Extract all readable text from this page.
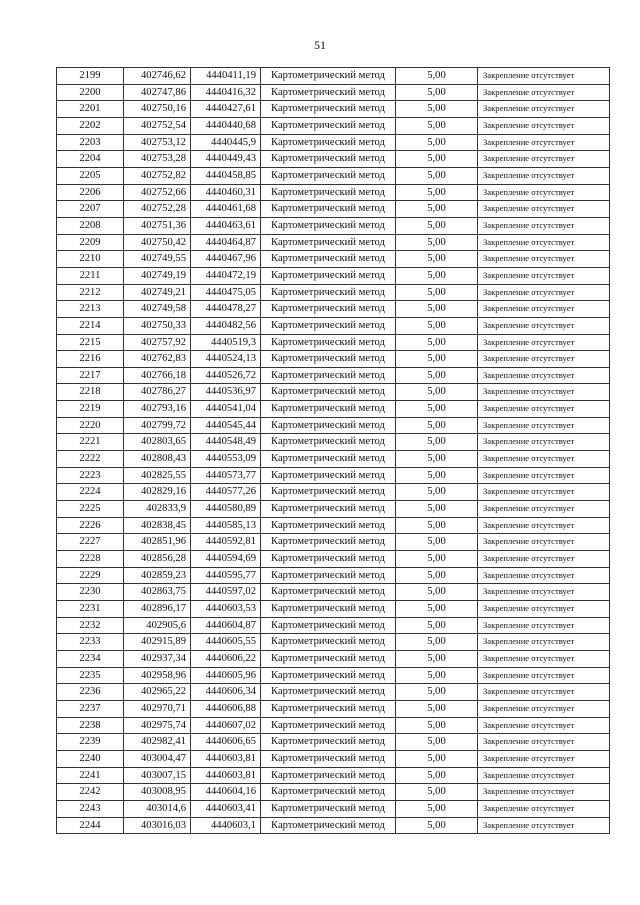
51
2199	402746,62	4440411,19	Картометрический метод	5,00	Закрепление отсутствует
2200	402747,86	4440416,32	Картометрический метод	5,00	Закрепление отсутствует
2201	402750,16	4440427,61	Картометрический метод	5,00	Закрепление отсутствует
2202	402752,54	4440440,68	Картометрический метод	5,00	Закрепление отсутствует
2203	402753,12	4440445,9	Картометрический метод	5,00	Закрепление отсутствует
2204	402753,28	4440449,43	Картометрический метод	5,00	Закрепление отсутствует
2205	402752,82	4440458,85	Картометрический метод	5,00	Закрепление отсутствует
2206	402752,66	4440460,31	Картометрический метод	5,00	Закрепление отсутствует
2207	402752,28	4440461,68	Картометрический метод	5,00	Закрепление отсутствует
2208	402751,36	4440463,61	Картометрический метод	5,00	Закрепление отсутствует
2209	402750,42	4440464,87	Картометрический метод	5,00	Закрепление отсутствует
2210	402749,55	4440467,96	Картометрический метод	5,00	Закрепление отсутствует
2211	402749,19	4440472,19	Картометрический метод	5,00	Закрепление отсутствует
2212	402749,21	4440475,05	Картометрический метод	5,00	Закрепление отсутствует
2213	402749,58	4440478,27	Картометрический метод	5,00	Закрепление отсутствует
2214	402750,33	4440482,56	Картометрический метод	5,00	Закрепление отсутствует
2215	402757,92	4440519,3	Картометрический метод	5,00	Закрепление отсутствует
2216	402762,83	4440524,13	Картометрический метод	5,00	Закрепление отсутствует
2217	402766,18	4440526,72	Картометрический метод	5,00	Закрепление отсутствует
2218	402786,27	4440536,97	Картометрический метод	5,00	Закрепление отсутствует
2219	402793,16	4440541,04	Картометрический метод	5,00	Закрепление отсутствует
2220	402799,72	4440545,44	Картометрический метод	5,00	Закрепление отсутствует
2221	402803,65	4440548,49	Картометрический метод	5,00	Закрепление отсутствует
2222	402808,43	4440553,09	Картометрический метод	5,00	Закрепление отсутствует
2223	402825,55	4440573,77	Картометрический метод	5,00	Закрепление отсутствует
2224	402829,16	4440577,26	Картометрический метод	5,00	Закрепление отсутствует
2225	402833,9	4440580,89	Картометрический метод	5,00	Закрепление отсутствует
2226	402838,45	4440585,13	Картометрический метод	5,00	Закрепление отсутствует
2227	402851,96	4440592,81	Картометрический метод	5,00	Закрепление отсутствует
2228	402856,28	4440594,69	Картометрический метод	5,00	Закрепление отсутствует
2229	402859,23	4440595,77	Картометрический метод	5,00	Закрепление отсутствует
2230	402863,75	4440597,02	Картометрический метод	5,00	Закрепление отсутствует
2231	402896,17	4440603,53	Картометрический метод	5,00	Закрепление отсутствует
2232	402905,6	4440604,87	Картометрический метод	5,00	Закрепление отсутствует
2233	402915,89	4440605,55	Картометрический метод	5,00	Закрепление отсутствует
2234	402937,34	4440606,22	Картометрический метод	5,00	Закрепление отсутствует
2235	402958,96	4440605,96	Картометрический метод	5,00	Закрепление отсутствует
2236	402965,22	4440606,34	Картометрический метод	5,00	Закрепление отсутствует
2237	402970,71	4440606,88	Картометрический метод	5,00	Закрепление отсутствует
2238	402975,74	4440607,02	Картометрический метод	5,00	Закрепление отсутствует
2239	402982,41	4440606,65	Картометрический метод	5,00	Закрепление отсутствует
2240	403004,47	4440603,81	Картометрический метод	5,00	Закрепление отсутствует
2241	403007,15	4440603,81	Картометрический метод	5,00	Закрепление отсутствует
2242	403008,95	4440604,16	Картометрический метод	5,00	Закрепление отсутствует
2243	403014,6	4440603,41	Картометрический метод	5,00	Закрепление отсутствует
2244	403016,03	4440603,1	Картометрический метод	5,00	Закрепление отсутствует
